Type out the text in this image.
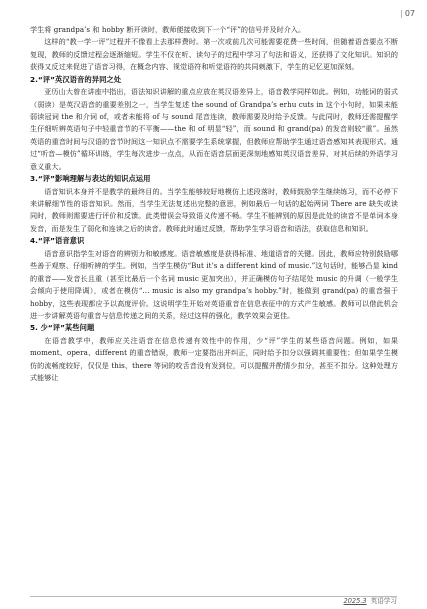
| 07

学生将 grandpa’s 和 hobby 断开读时，教师便接收到下一个“评”的信号并及时介入。

这样的“教一学一评”过程并不像看上去那样费时。第一次或前几次可能需要花费一些时间，但随着语音要点不断复现，教师的反馈过程会逐渐缩短。学生不仅在听、读句子的过程中学习了句法和语义，还获得了文化知识。知识的获得又反过来促进了语音习得，在概念内容、视觉语符和听觉语符的共同刺激下，学生的记忆更加深刻。

2.“评”英汉语音的异同之处

亚历山大曾在讲座中指出，语法知识讲解的重点应放在英汉语差异上，语音教学同样如此。例如，功能词的弱式（弱读）是英汉语音的重要差别之一，当学生复述 the sound of Grandpa’s erhu cuts in 这个小句时，如果未能弱读冠词 the 和介词 of，或者未能将 of 与 sound 尾音连读，教师需要及时给予反馈。与此同时，教师还需提醒学生仔细听辨英语句子中轻重音节的不平衡——the 和 of 明显“轻”，而 sound 和 grand(pa) 的发音则较“重”。虽然英语的重音时间与汉语的音节时间这一知识点不需要学生系统掌握，但教师应帮助学生通过语音感知其表现形式。通过“听音—模仿”循环训练，学生每次进步一点点，从而在语音层面更深刻地感知英汉语音差异，对其后续的外语学习意义重大。

3.“评”影响理解与表达的知识点运用

语音知识本身并不是教学的最终目的。当学生能够较好地模仿上述段落时，教师鼓励学生继续练习，而不必停下来讲解细节性的语音知识。然而，当学生无法复述出完整的意思，例如最后一句话的起始两词 There are 缺失或读同时，教师则需要进行评价和反馈。此类错误会导致语义传递不畅。学生不能辨别的原因是此处的读音不是单词本身发音，而是发生了弱化和连读之后的读音。教师此时通过反馈，帮助学生学习语音和语法，获取信息和知识。

4.“评”语音意识

语音意识指学生对语音的辨别力和敏感度。语音敏感度是获得标准、地道语音的关键。因此，教师应特别鼓励哪些善于观察、仔细听辨的学生。例如，当学生模仿“But it’s a different kind of music.”这句话时，能够凸显 kind 的重音——发音长且重（甚至比最后一个名词 music 更加突出），并正确模仿句子结尾处 music 的升调（一般学生会倾向于使用降调），或者在模仿“… music is also my grandpa’s hobby.”时，能做到 grand(pa) 的重音强于 hobby，这些表现都应予以高度评价。这说明学生开始对英语重音在信息表征中的方式产生敏感。教师可以借此机会进一步讲解英语句重音与信息传递之间的关系，经过这样的强化，教学效果会更佳。

5. 少“评”某些问题

在语音教学中，教师应关注语音在信息传递有效性中的作用，少“评”学生的某些语音问题。例如，如果 moment、opera、different 的重音错误，教师一定要指出并纠正，同时给予扣分以强调其重要性；但如果学生模仿的流畅度较好，仅仅是 this、there 等词的咬舌音没有发到位，可以提醒并酌情少扣分，甚至不扣分。这种处理方式能够让

2025.3 英语学习
